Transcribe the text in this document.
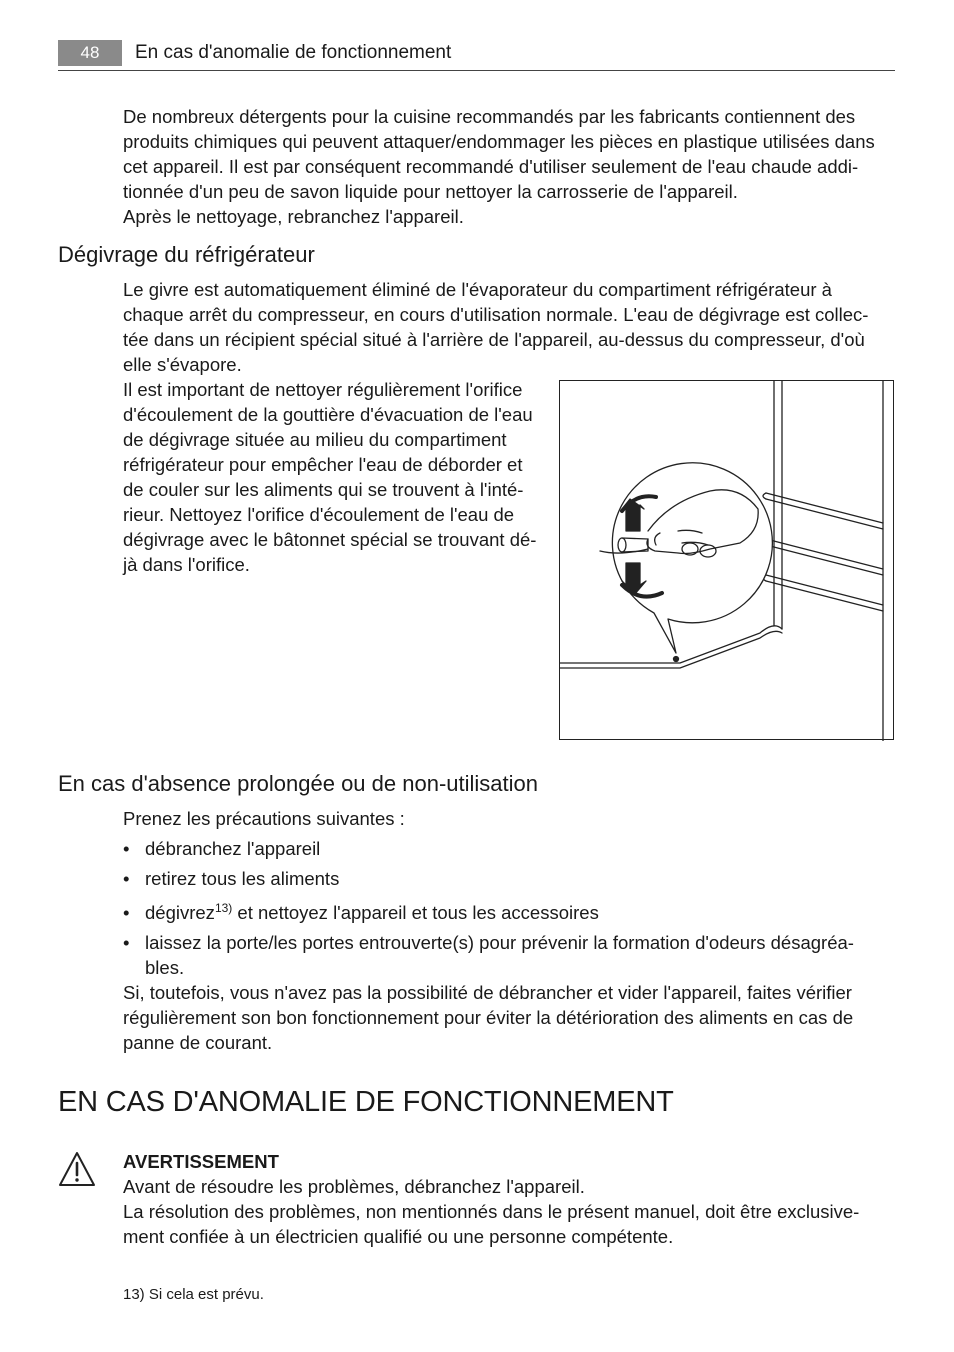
48	En cas d'anomalie de fonctionnement
De nombreux détergents pour la cuisine recommandés par les fabricants contiennent des
produits chimiques qui peuvent attaquer/endommager les pièces en plastique utilisées dans
cet appareil. Il est par conséquent recommandé d'utiliser seulement de l'eau chaude addi-
tionnée d'un peu de savon liquide pour nettoyer la carrosserie de l'appareil.
Après le nettoyage, rebranchez l'appareil.
Dégivrage du réfrigérateur
Le givre est automatiquement éliminé de l'évaporateur du compartiment réfrigérateur à
chaque arrêt du compresseur, en cours d'utilisation normale. L'eau de dégivrage est collec-
tée dans un récipient spécial situé à l'arrière de l'appareil, au-dessus du compresseur, d'où
elle s'évapore.
Il est important de nettoyer régulièrement l'orifice
d'écoulement de la gouttière d'évacuation de l'eau
de dégivrage située au milieu du compartiment
réfrigérateur pour empêcher l'eau de déborder et
de couler sur les aliments qui se trouvent à l'inté-
rieur. Nettoyez l'orifice d'écoulement de l'eau de
dégivrage avec le bâtonnet spécial se trouvant dé-
jà dans l'orifice.
En cas d'absence prolongée ou de non-utilisation
Prenez les précautions suivantes :
• débranchez l'appareil
• retirez tous les aliments
• dégivrez$^{13)}$ et nettoyez l'appareil et tous les accessoires
• laissez la porte/les portes entrouverte(s) pour prévenir la formation d'odeurs désagréa-
bles.
Si, toutefois, vous n'avez pas la possibilité de débrancher et vider l'appareil, faites vérifier
régulièrement son bon fonctionnement pour éviter la détérioration des aliments en cas de
panne de courant.
EN CAS D'ANOMALIE DE FONCTIONNEMENT
AVERTISSEMENT
Avant de résoudre les problèmes, débranchez l'appareil.
La résolution des problèmes, non mentionnés dans le présent manuel, doit être exclusive-
ment confiée à un électricien qualifié ou une personne compétente.
13) Si cela est prévu.
